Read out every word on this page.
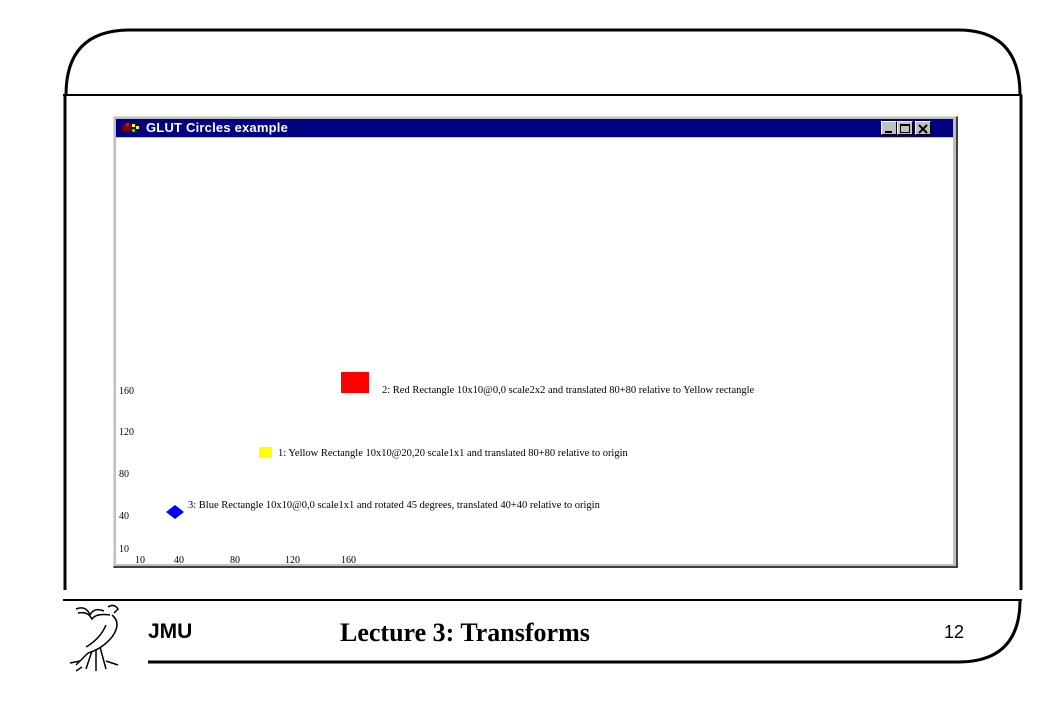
GLUT Circles example
160
120
80
40
10
10	40	80	120	160
2: Red Rectangle 10x10@0,0 scale2x2 and translated 80+80 relative to Yellow rectangle
1: Yellow Rectangle 10x10@20,20 scale1x1 and translated 80+80 relative to origin
3: Blue Rectangle 10x10@0,0 scale1x1 and rotated 45 degrees, translated 40+40 relative to origin
JMU	Lecture 3: Transforms	12
